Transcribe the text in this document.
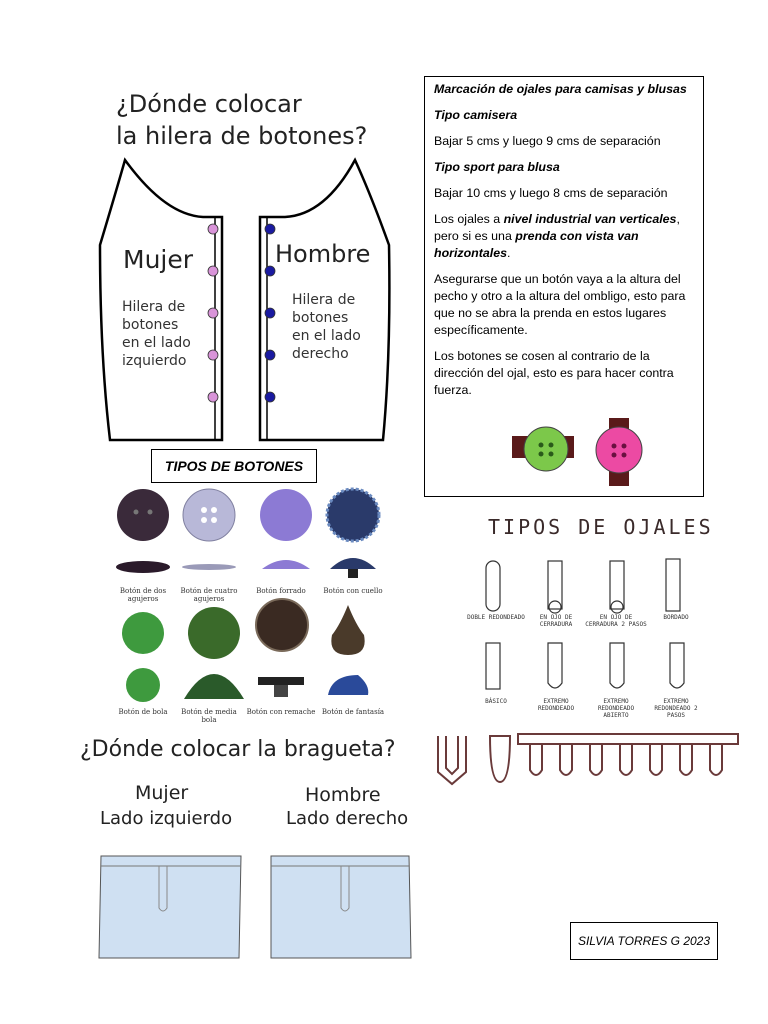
¿Dónde colocar
la hilera de botones?
Mujer
Hilera de
botones
en el lado
izquierdo
Hombre
Hilera de
botones
en el lado
derecho

Marcación de ojales para camisas y blusas

Tipo camisera

Bajar 5 cms y luego 9 cms de separación

Tipo sport para blusa

Bajar 10 cms y luego 8 cms de separación

Los ojales a nivel industrial van verticales, pero si es una prenda con vista van horizontales.

Asegurarse que un botón vaya a la altura del pecho y otro a la altura del ombligo, esto para que no se abra la prenda en estos lugares específicamente.

Los botones se cosen al contrario de la dirección del ojal, esto es para hacer contra fuerza.

TIPOS DE BOTONES
Botón de dos agujeros
Botón de cuatro agujeros
Botón forrado	Botón con cuello
Botón de bola	Botón de media bola
Botón con remache Botón de fantasía
TIPOS DE OJALES
DOBLE REDONDEADO	EN OJO DE CERRADURA
EN OJO DE CERRADURA 2 PASOS
BORDADO
BÁSICO	EXTREMO REDONDEADO
EXTREMO REDONDEADO ABIERTO
EXTREMO REDONDEADO 2 PASOS
¿Dónde colocar la bragueta?
Mujer
Lado izquierdo
Hombre
Lado derecho
SILVIA TORRES G 2023
